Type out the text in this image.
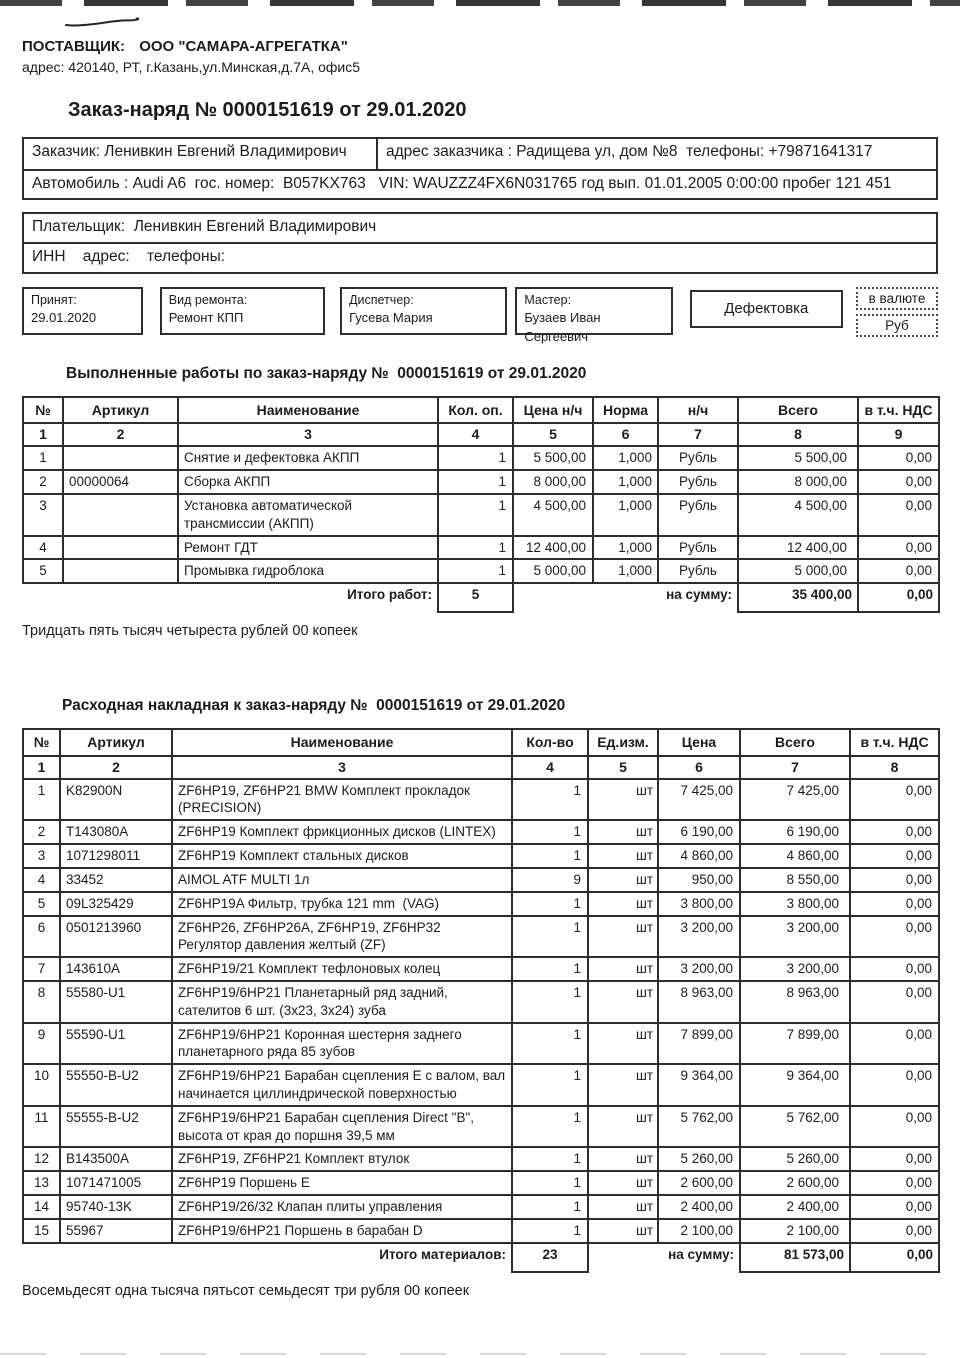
ПОСТАВЩИК: ООО "САМАРА-АГРЕГАТКА"
адрес: 420140, РТ, г.Казань,ул.Минская,д.7А, офис5
Заказ-наряд № 0000151619 от 29.01.2020
Заказчик: Ленивкин Евгений Владимирович	адрес заказчика : Радищева ул, дом №8  телефоны: +79871641317
Автомобиль : Audi A6  гос. номер:  B057KX763   VIN: WAUZZZ4FX6N031765 год вып. 01.01.2005 0:00:00 пробег 121 451
Плательщик:  Ленивкин Евгений Владимирович
ИНН    адрес:    телефоны:
Принят:
29.01.2020
Вид ремонта:
Ремонт КПП
Диспетчер:
Гусева Мария
Мастер:
Бузаев Иван Сергеевич
Дефектовка
в валюте
Руб
Выполненные работы по заказ-наряду №  0000151619 от 29.01.2020
№	Артикул	Наименование	Кол. оп.	Цена н/ч	Норма	н/ч	Всего	в т.ч. НДС
1	2	3	4	5	6	7	8	9
1		Снятие и дефектовка АКПП	1	5 500,00	1,000	Рубль	5 500,00	0,00
2	00000064	Сборка АКПП	1	8 000,00	1,000	Рубль	8 000,00	0,00
3		Установка автоматической трансмиссии (АКПП)	1	4 500,00	1,000	Рубль	4 500,00	0,00
4		Ремонт ГДТ	1	12 400,00	1,000	Рубль	12 400,00	0,00
5		Промывка гидроблока	1	5 000,00	1,000	Рубль	5 000,00	0,00
Итого работ:			5			на сумму:	35 400,00	0,00
Тридцать пять тысяч четыреста рублей 00 копеек
Расходная накладная к заказ-наряду №  0000151619 от 29.01.2020
№	Артикул	Наименование	Кол-во	Ед.изм.	Цена	Всего	в т.ч. НДС
1	2	3	4	5	6	7	8
1	K82900N	ZF6HP19, ZF6HP21 BMW Комплект прокладок (PRECISION)	1	шт	7 425,00	7 425,00	0,00
2	T143080A	ZF6HP19 Комплект фрикционных дисков (LINTEX)	1	шт	6 190,00	6 190,00	0,00
3	1071298011	ZF6HP19 Комплект стальных дисков	1	шт	4 860,00	4 860,00	0,00
4	33452	AIMOL ATF MULTI 1л	9	шт	950,00	8 550,00	0,00
5	09L325429	ZF6HP19A Фильтр, трубка 121 mm  (VAG)	1	шт	3 800,00	3 800,00	0,00
6	0501213960	ZF6HP26, ZF6HP26A, ZF6HP19, ZF6HP32 Регулятор давления желтый (ZF)	1	шт	3 200,00	3 200,00	0,00
7	143610A	ZF6HP19/21 Комплект тефлоновых колец	1	шт	3 200,00	3 200,00	0,00
8	55580-U1	ZF6HP19/6HP21 Планетарный ряд задний, сателитов 6 шт. (3x23, 3x24) зуба	1	шт	8 963,00	8 963,00	0,00
9	55590-U1	ZF6HP19/6HP21 Коронная шестерня заднего планетарного ряда 85 зубов	1	шт	7 899,00	7 899,00	0,00
10	55550-B-U2	ZF6HP19/6HP21 Барабан сцепления E с валом, вал начинается циллиндрической поверхностью	1	шт	9 364,00	9 364,00	0,00
11	55555-B-U2	ZF6HP19/6HP21 Барабан сцепления Direct "B", высота от края до поршня 39,5 мм	1	шт	5 762,00	5 762,00	0,00
12	B143500A	ZF6HP19, ZF6HP21 Комплект втулок	1	шт	5 260,00	5 260,00	0,00
13	1071471005	ZF6HP19 Поршень E	1	шт	2 600,00	2 600,00	0,00
14	95740-13K	ZF6HP19/26/32 Клапан плиты управления	1	шт	2 400,00	2 400,00	0,00
15	55967	ZF6HP19/6HP21 Поршень в барабан D	1	шт	2 100,00	2 100,00	0,00
Итого материалов:			23		на сумму:	81 573,00	0,00
Восемьдесят одна тысяча пятьсот семьдесят три рубля 00 копеек
